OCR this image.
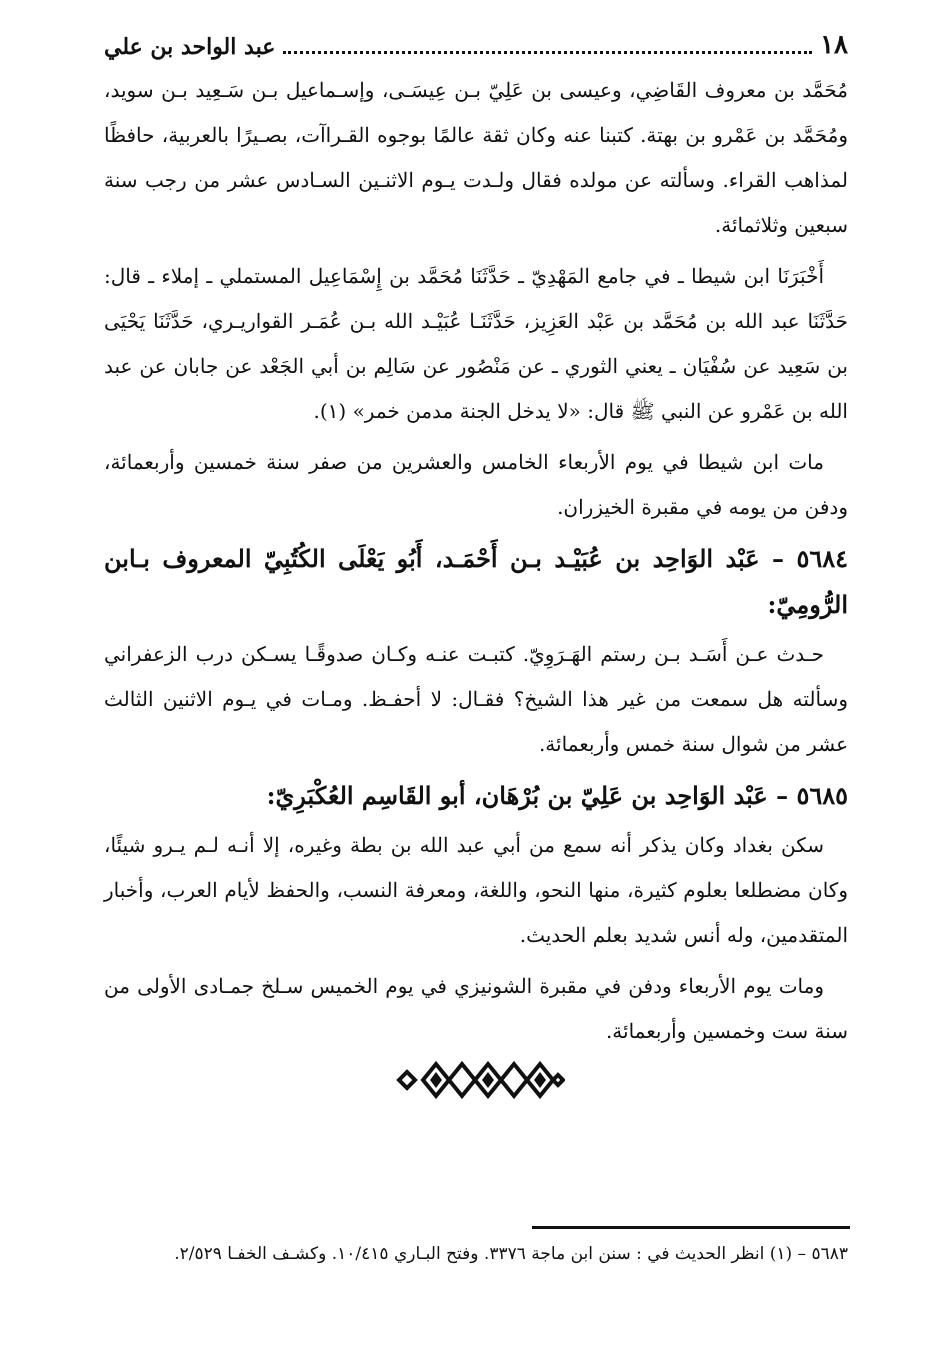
١٨
عبد الواحد بن علي

مُحَمَّد بن معروف القَاضِي، وعيسى بن عَلِيّ بـن عِيسَـى، وإسـماعيل بـن سَـعِيد بـن سويد، ومُحَمَّد بن عَمْرو بن بهتة. كتبنا عنه وكان ثقة عالمًا بوجوه القـراآت، بصـيرًا بالعربية، حافظًا لمذاهب القراء. وسألته عن مولده فقال ولـدت يـوم الاثنـين السـادس عشر من رجب سنة سبعين وثلاثمائة.

أَخْبَرَنَا ابن شيطا ـ في جامع المَهْدِيّ ـ حَدَّثَنَا مُحَمَّد بن إِسْمَاعِيل المستملي ـ إملاء ـ قال: حَدَّثَنَا عبد الله بن مُحَمَّد بن عَبْد العَزِيز، حَدَّثَنَـا عُبَيْـد الله بـن عُمَـر القواريـري، حَدَّثَنَا يَحْيَى بن سَعِيد عن سُفْيَان ـ يعني الثوري ـ عن مَنْصُور عن سَالِم بن أبي الجَعْد عن جابان عن عبد الله بن عَمْرو عن النبي ﷺ قال: «لا يدخل الجنة مدمن خمر» (١).

مات ابن شيطا في يوم الأربعاء الخامس والعشرين من صفر سنة خمسين وأربعمائة، ودفن من يومه في مقبرة الخيزران.

٥٦٨٤ – عَبْد الوَاحِد بن عُبَيْـد بـن أَحْمَـد، أَبُو يَعْلَى الكُتُبِيّ المعروف بـابن الرُّومِيّ:

حـدث عـن أَسَـد بـن رستم الهَـرَوِيّ. كتبـت عنـه وكـان صدوقًـا يسـكن درب الزعفراني وسألته هل سمعت من غير هذا الشيخ؟ فقـال: لا أحفـظ. ومـات في يـوم الاثنين الثالث عشر من شوال سنة خمس وأربعمائة.

٥٦٨٥ – عَبْد الوَاحِد بن عَلِيّ بن بُرْهَان، أبو القَاسِم العُكْبَرِيّ:

سكن بغداد وكان يذكر أنه سمع من أبي عبد الله بن بطة وغيره، إلا أنـه لـم يـرو شيئًا، وكان مضطلعا بعلوم كثيرة، منها النحو، واللغة، ومعرفة النسب، والحفظ لأيام العرب، وأخبار المتقدمين، وله أنس شديد بعلم الحديث.

ومات يوم الأربعاء ودفن في مقبرة الشونيزي في يوم الخميس سـلخ جمـادى الأولى من سنة ست وخمسين وأربعمائة.

٥٦٨٣ – (١) انظر الحديث في : سنن ابن ماجة ٣٣٧٦. وفتح البـاري ١٠/٤١٥. وكشـف الخفـا ٢/٥٢٩.
